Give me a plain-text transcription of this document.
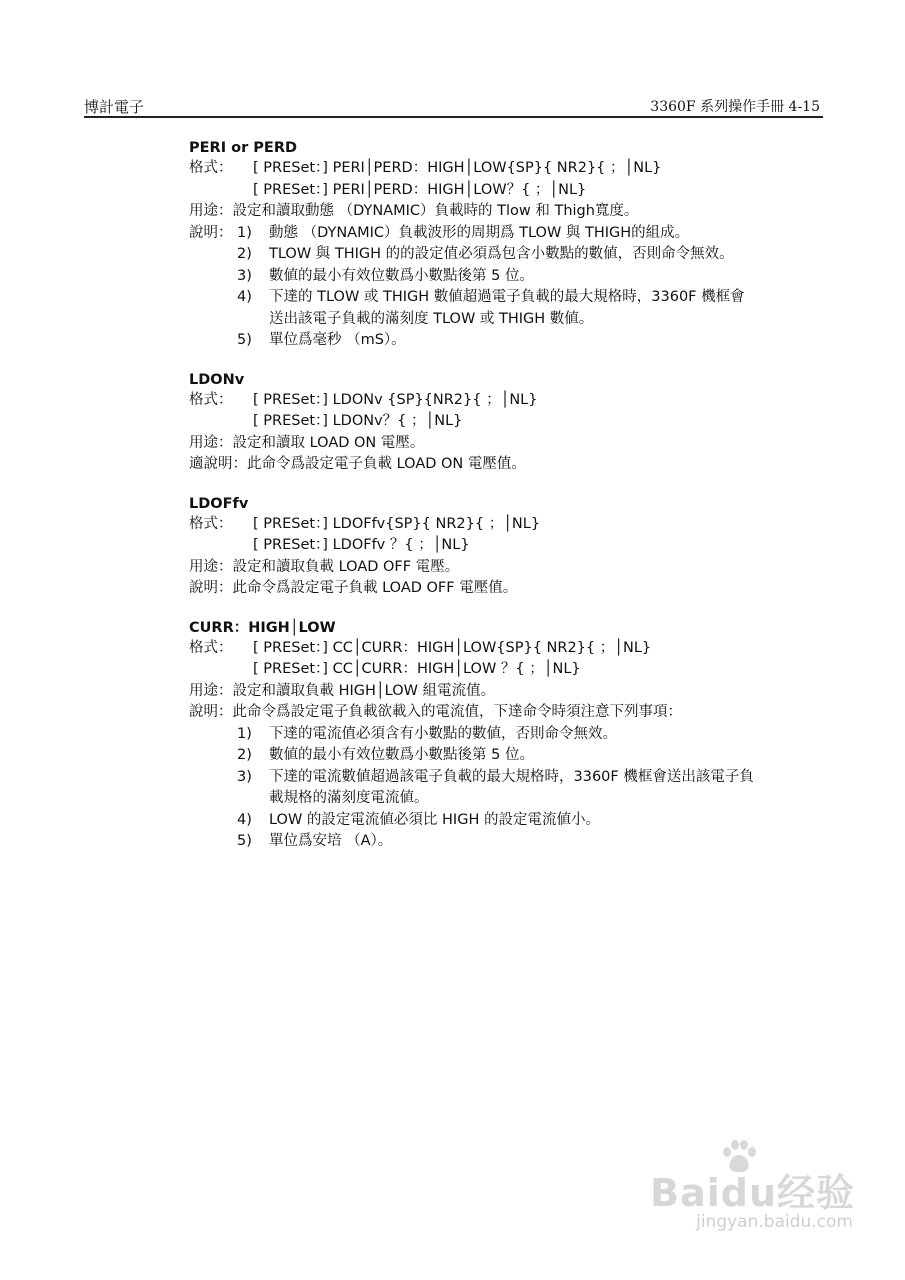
博計電子	3360F 系列操作手冊 4-15
PERI or PERD
格式： [ PRESet：] PERI│PERD：HIGH│LOW{SP}{ NR2}{ ；│NL}
[ PRESet：] PERI│PERD：HIGH│LOW？{ ；│NL}
用途：設定和讀取動態 （DYNAMIC）負載時的 Tlow 和 Thigh寬度。
說明： 1) 動態 （DYNAMIC）負載波形的周期爲 TLOW 與 THIGH的組成。

2) TLOW 與 THIGH 的的設定值必須爲包含小數點的數値，否則命令無效。
3) 數値的最小有效位數爲小數點後第 5 位。
4) 下達的 TLOW 或 THIGH 數値超過電子負載的最大規格時，3360F 機框會
送出該電子負載的滿刻度 TLOW 或 THIGH 數値。
5) 單位爲毫秒 （mS）。
LDONv
格式： [ PRESet：] LDONv {SP}{NR2}{ ；│NL}
[ PRESet：] LDONv？{ ；│NL}
用途：設定和讀取 LOAD ON 電壓。
適說明：此命令爲設定電子負載 LOAD ON 電壓值。
LDOFfv
格式： [ PRESet：] LDOFfv{SP}{ NR2}{ ；│NL}
[ PRESet：] LDOFfv ？{ ；│NL}
用途：設定和讀取負載 LOAD OFF 電壓。
說明：此命令爲設定電子負載 LOAD OFF 電壓值。
CURR：HIGH│LOW
格式： [ PRESet：] CC│CURR：HIGH│LOW{SP}{ NR2}{ ；│NL}
[ PRESet：] CC│CURR：HIGH│LOW ？{ ；│NL}
用途：設定和讀取負載 HIGH│LOW 組電流值。
說明：此命令爲設定電子負載欲載入的電流值，下達命令時須注意下列事項：
1) 下達的電流值必須含有小數點的數値，否則命令無效。
2) 數値的最小有效位數爲小數點後第 5 位。
3) 下達的電流數値超過該電子負載的最大規格時，3360F 機框會送出該電子負
載規格的滿刻度電流値。
4) LOW 的設定電流値必須比 HIGH 的設定電流値小。
5) 單位爲安培 （A）。
Baidu经验
jingyan.baidu.com
